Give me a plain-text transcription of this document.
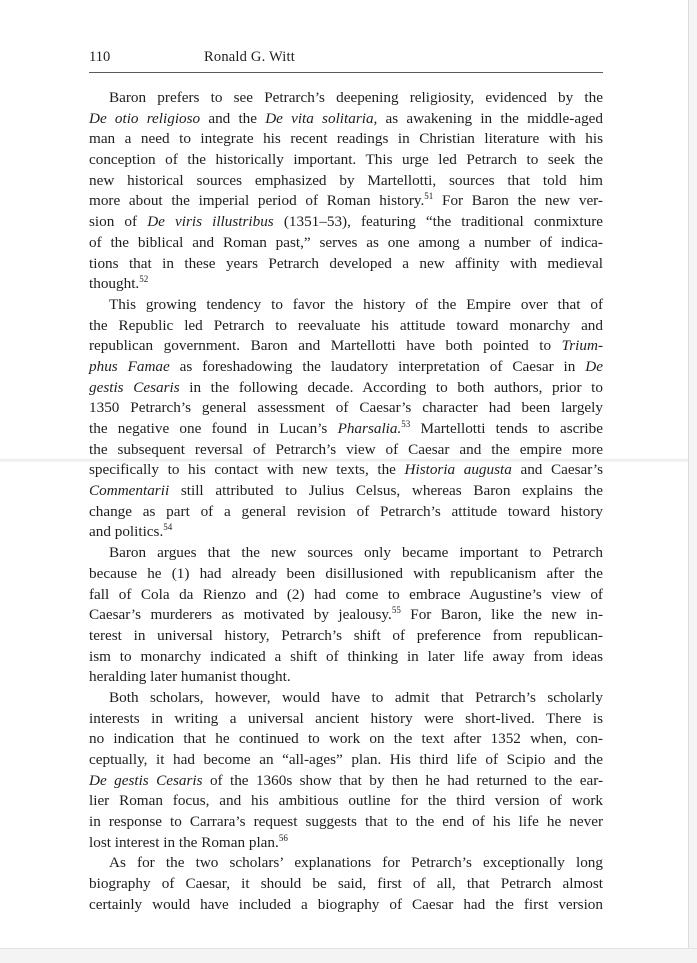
110	Ronald G. Witt
Baron prefers to see Petrarch’s deepening religiosity, evidenced by the
De otio religioso and the De vita solitaria, as awakening in the middle-aged
man a need to integrate his recent readings in Christian literature with his
conception of the historically important. This urge led Petrarch to seek the
new historical sources emphasized by Martellotti, sources that told him
more about the imperial period of Roman history.$^{51}$ For Baron the new ver-
sion of De viris illustribus (1351–53), featuring “the traditional conmixture
of the biblical and Roman past,” serves as one among a number of indica-
tions that in these years Petrarch developed a new affinity with medieval
thought.$^{52}$
This growing tendency to favor the history of the Empire over that of
the Republic led Petrarch to reevaluate his attitude toward monarchy and
republican government. Baron and Martellotti have both pointed to Trium-
phus Famae as foreshadowing the laudatory interpretation of Caesar in De
gestis Cesaris in the following decade. According to both authors, prior to
1350 Petrarch’s general assessment of Caesar’s character had been largely
the negative one found in Lucan’s Pharsalia.$^{53}$ Martellotti tends to ascribe
the subsequent reversal of Petrarch’s view of Caesar and the empire more
specifically to his contact with new texts, the Historia augusta and Caesar’s
Commentarii still attributed to Julius Celsus, whereas Baron explains the
change as part of a general revision of Petrarch’s attitude toward history
and politics.$^{54}$
Baron argues that the new sources only became important to Petrarch
because he (1) had already been disillusioned with republicanism after the
fall of Cola da Rienzo and (2) had come to embrace Augustine’s view of
Caesar’s murderers as motivated by jealousy.$^{55}$ For Baron, like the new in-
terest in universal history, Petrarch’s shift of preference from republican-
ism to monarchy indicated a shift of thinking in later life away from ideas
heralding later humanist thought.
Both scholars, however, would have to admit that Petrarch’s scholarly
interests in writing a universal ancient history were short-lived. There is
no indication that he continued to work on the text after 1352 when, con-
ceptually, it had become an “all-ages” plan. His third life of Scipio and the
De gestis Cesaris of the 1360s show that by then he had returned to the ear-
lier Roman focus, and his ambitious outline for the third version of work
in response to Carrara’s request suggests that to the end of his life he never
lost interest in the Roman plan.$^{56}$
As for the two scholars’ explanations for Petrarch’s exceptionally long
biography of Caesar, it should be said, first of all, that Petrarch almost
certainly would have included a biography of Caesar had the first version
